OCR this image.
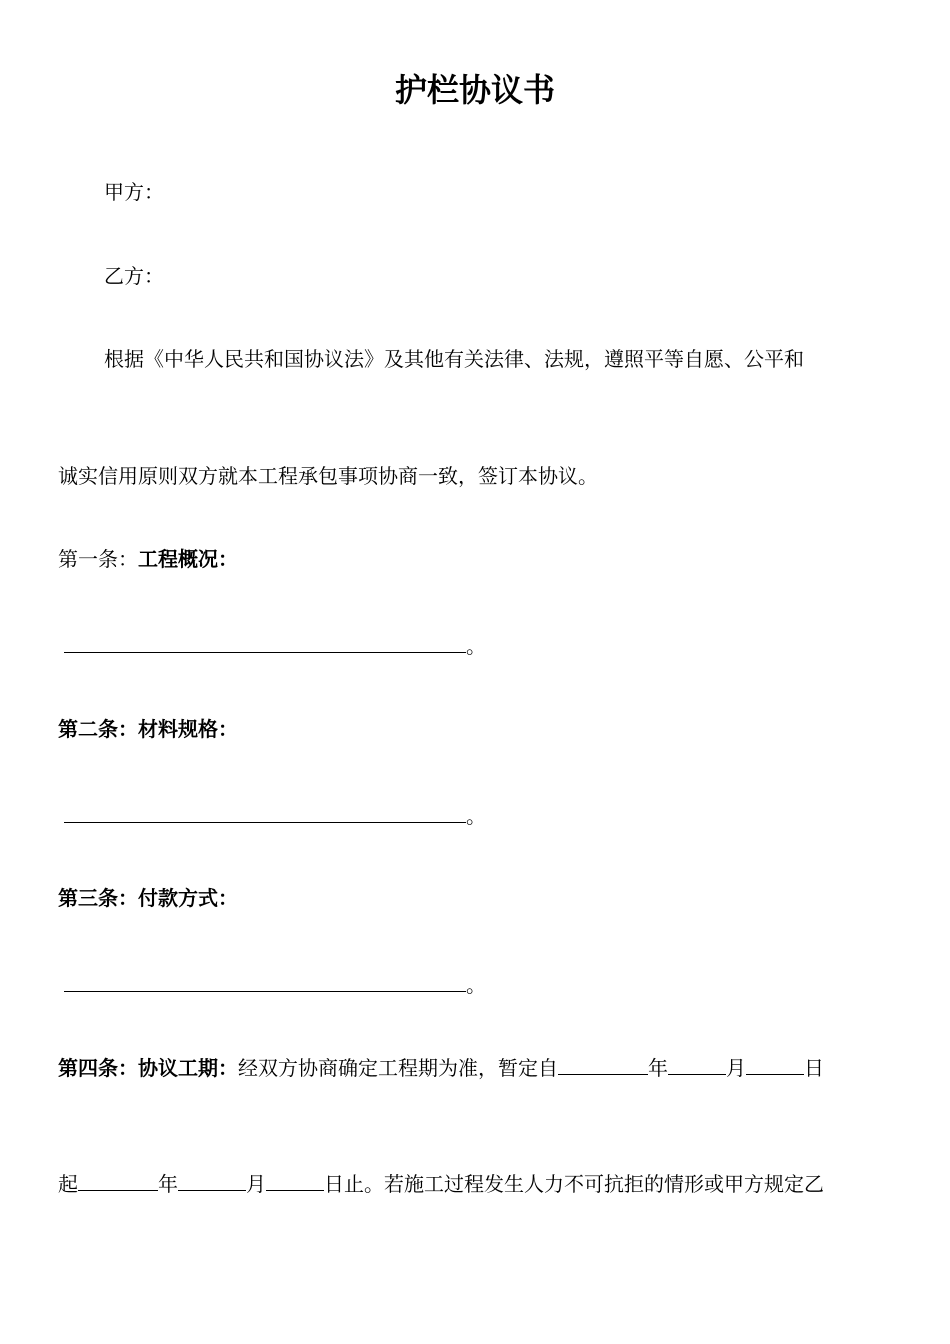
护栏协议书
甲方：
乙方：
根据《中华人民共和国协议法》及其他有关法律、法规，遵照平等自愿、公平和
诚实信用原则双方就本工程承包事项协商一致，签订本协议。
第一条：工程概况：
。
第二条：材料规格：
。
第三条：付款方式：
。
第四条：协议工期：经双方协商确定工程期为准，暂定自	年	月	日
起	年	月	日止。若施工过程发生人力不可抗拒的情形或甲方规定乙
